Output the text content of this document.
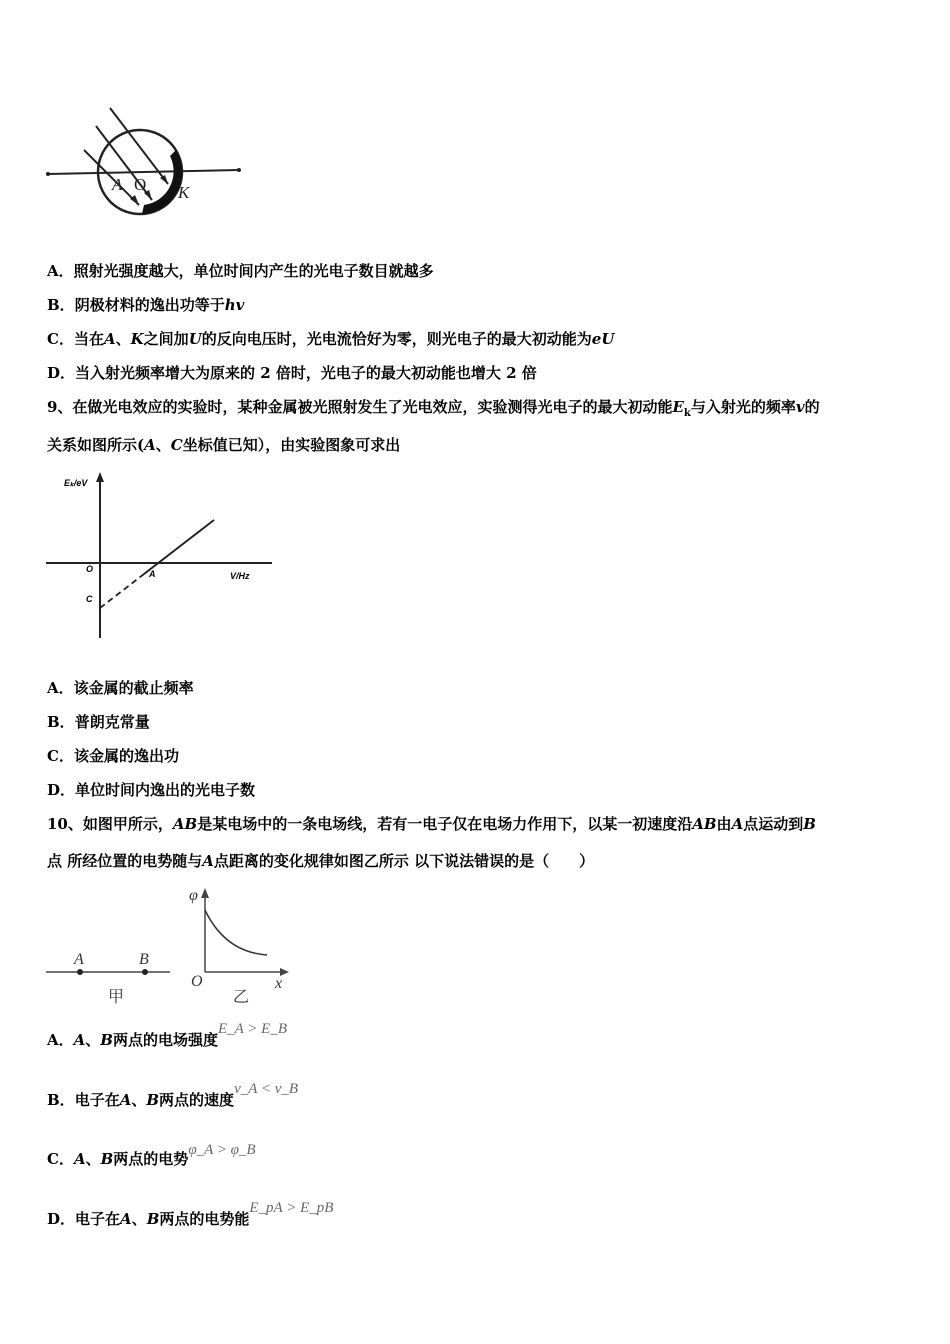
A O K
A．照射光强度越大，单位时间内产生的光电子数目就越多
B．阴极材料的逸出功等于hv
C．当在A、K之间加U的反向电压时，光电流恰好为零，则光电子的最大初动能为eU
D．当入射光频率增大为原来的 2 倍时，光电子的最大初动能也增大 2 倍
9、在做光电效应的实验时，某种金属被光照射发生了光电效应，实验测得光电子的最大初动能$E_k$与入射光的频率v的
关系如图所示(A、C坐标值已知），由实验图象可求出
Eₖ/eV
V/Hz
O	A
C
A．该金属的截止频率
B．普朗克常量
C．该金属的逸出功
D．单位时间内逸出的光电子数
10、如图甲所示，AB是某电场中的一条电场线，若有一电子仅在电场力作用下，以某一初速度沿AB由A点运动到B
点 所经位置的电势随与A点距离的变化规律如图乙所示 以下说法错误的是（　　）
A	B
甲
φ
O	x
乙
A．A、B两点的电场强度E_A > E_B
B．电子在A、B两点的速度v_A < v_B
C．A、B两点的电势φ_A > φ_B
D．电子在A、B两点的电势能E_pA > E_pB
